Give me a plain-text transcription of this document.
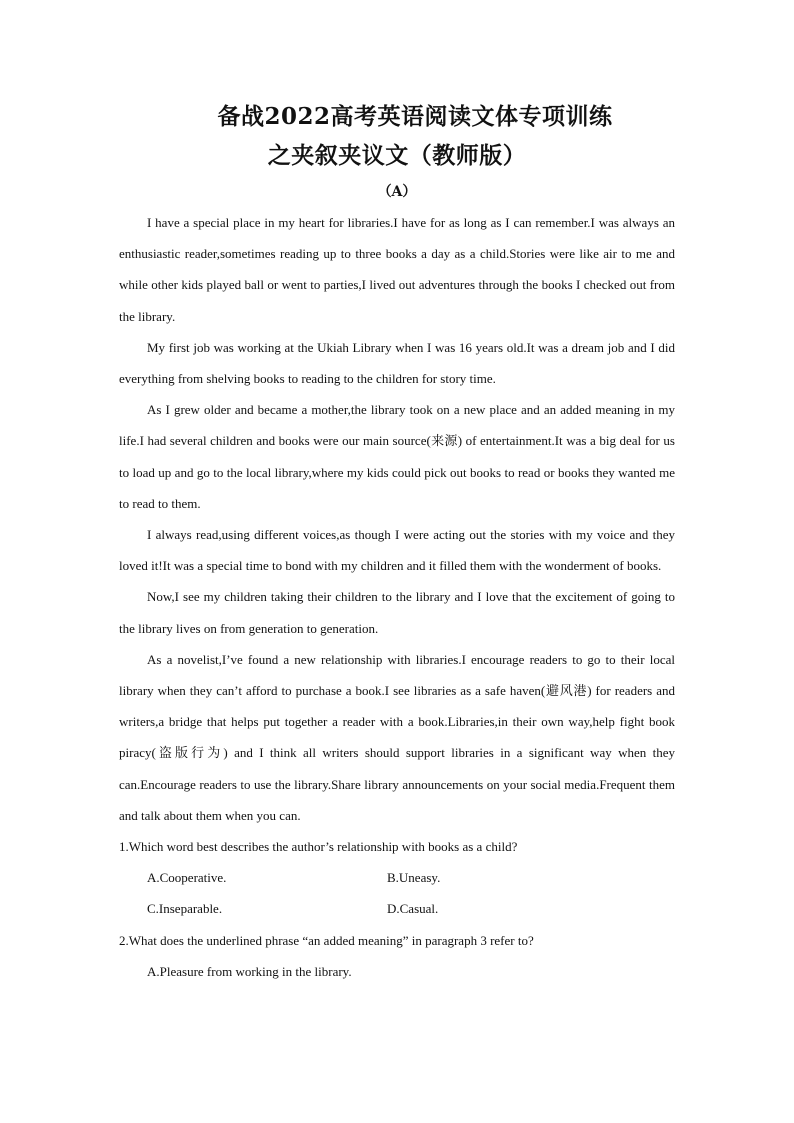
备战2022高考英语阅读文体专项训练
之夹叙夹议文（教师版）
（A）

I have a special place in my heart for libraries.I have for as long as I can remember.I was always an enthusiastic reader,sometimes reading up to three books a day as a child.Stories were like air to me and while other kids played ball or went to parties,I lived out adventures through the books I checked out from the library.

My first job was working at the Ukiah Library when I was 16 years old.It was a dream job and I did everything from shelving books to reading to the children for story time.

As I grew older and became a mother,the library took on a new place and an added meaning in my life.I had several children and books were our main source(来源) of entertainment.It was a big deal for us to load up and go to the local library,where my kids could pick out books to read or books they wanted me to read to them.

I always read,using different voices,as though I were acting out the stories with my voice and they loved it!It was a special time to bond with my children and it filled them with the wonderment of books.

Now,I see my children taking their children to the library and I love that the excitement of going to the library lives on from generation to generation.

As a novelist,I’ve found a new relationship with libraries.I encourage readers to go to their local library when they can’t afford to purchase a book.I see libraries as a safe haven(避风港) for readers and writers,a bridge that helps put together a reader with a book.Libraries,in their own way,help fight book piracy(盗版行为) and I think all writers should support libraries in a significant way when they can.Encourage readers to use the library.Share library announcements on your social media.Frequent them and talk about them when you can.

1.Which word best describes the author’s relationship with books as a child?

A.Cooperative.	B.Uneasy.
C.Inseparable.	D.Casual.

2.What does the underlined phrase “an added meaning” in paragraph 3 refer to?

A.Pleasure from working in the library.
